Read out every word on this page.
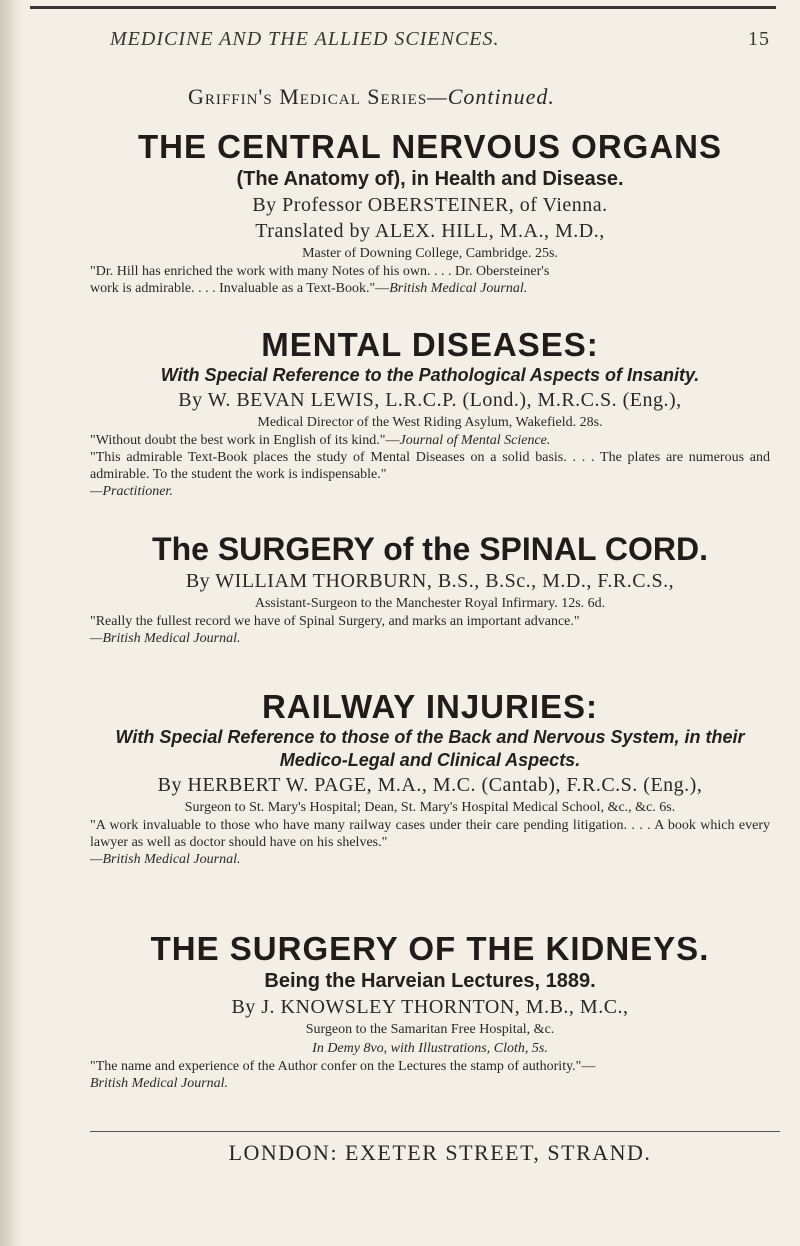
MEDICINE AND THE ALLIED SCIENCES.	15
Griffin's Medical Series—Continued.
THE CENTRAL NERVOUS ORGANS
(The Anatomy of), in Health and Disease.
By Professor OBERSTEINER, of Vienna.
Translated by ALEX. HILL, M.A., M.D.,
Master of Downing College, Cambridge. 25s.
"Dr. Hill has enriched the work with many Notes of his own. . . . Dr. Obersteiner's
work is admirable. . . . Invaluable as a Text-Book."—British Medical Journal.
MENTAL DISEASES:
With Special Reference to the Pathological Aspects of Insanity.
By W. BEVAN LEWIS, L.R.C.P. (Lond.), M.R.C.S. (Eng.),
Medical Director of the West Riding Asylum, Wakefield. 28s.
"Without doubt the best work in English of its kind."—Journal of Mental Science.
"This admirable Text-Book places the study of Mental Diseases on a solid basis. . . . The plates are numerous and admirable. To the student the work is indispensable."
—Practitioner.
The SURGERY of the SPINAL CORD.
By WILLIAM THORBURN, B.S., B.Sc., M.D., F.R.C.S.,
Assistant-Surgeon to the Manchester Royal Infirmary. 12s. 6d.
"Really the fullest record we have of Spinal Surgery, and marks an important advance."
—British Medical Journal.
RAILWAY INJURIES:
With Special Reference to those of the Back and Nervous System, in their
Medico-Legal and Clinical Aspects.
By HERBERT W. PAGE, M.A., M.C. (Cantab), F.R.C.S. (Eng.),
Surgeon to St. Mary's Hospital; Dean, St. Mary's Hospital Medical School, &c., &c. 6s.
"A work invaluable to those who have many railway cases under their care pending litigation. . . . A book which every lawyer as well as doctor should have on his shelves."
—British Medical Journal.
THE SURGERY OF THE KIDNEYS.
Being the Harveian Lectures, 1889.
By J. KNOWSLEY THORNTON, M.B., M.C.,
Surgeon to the Samaritan Free Hospital, &c.
In Demy 8vo, with Illustrations, Cloth, 5s.
"The name and experience of the Author confer on the Lectures the stamp of authority."—
British Medical Journal.
LONDON: EXETER STREET, STRAND.
